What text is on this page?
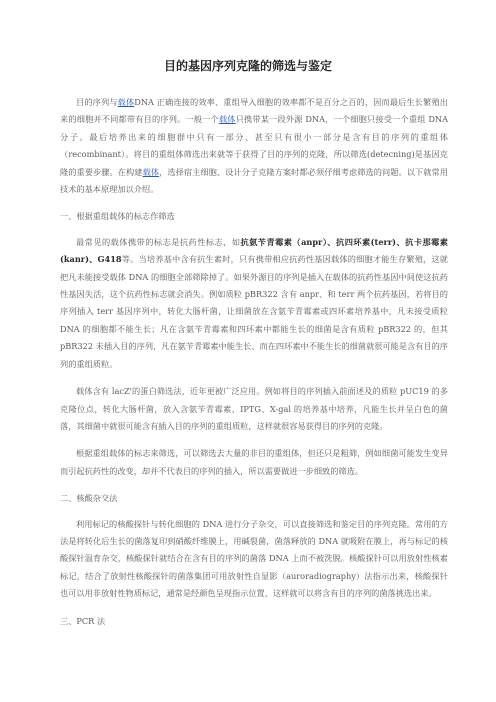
目的基因序列克隆的筛选与鉴定

目的序列与载体DNA 正确连接的效率、重组导入细胞的效率都不是百分之百的，因而最后生长繁殖出来的细胞并不同都带有目的序列。一般一个载体只携带某一段外源 DNA，一个细胞只接受一个重组 DNA 分子。最后培养出来的细胞群中只有一部分、甚至只有很小一部分是含有目的序列的重组体（recombinant）。将目的重组体筛选出来就等于获得了目的序列的克隆，所以筛选(detecning)是基因克隆的重要步骤。在构建载体，选择宿主细胞、设计分子克隆方案时都必须仔细考虑筛选的问题。以下就常用技术的基本原理加以介绍。

一、根据重组载体的标志作筛选

最常见的载体携带的标志是抗药性标志，如抗氨苄青霉素（anpr）、抗四环素(terr)、抗卡那霉素(kanr)、G418等。当培养基中含有抗生素时，只有携带相应抗药性基因载体的细胞才能生存繁殖，这就把凡未能接受载体 DNA 的细胞全部筛除掉了。如果外源目的序列是插入在载体的抗药性基因中间使这抗药性基因失活，这个抗药性标志就会消失。例如质粒 pBR322 含有 anpr、和 terr 两个抗药基因，若将目的序列插入 terr 基因序列中，转化大肠杆菌，让细菌放在含氨苄青霉素或四环素培养基中，凡未接受质粒 DNA 的细胞都不能生长；凡在含氨苄青霉素和四环素中都能生长的细菌是含有质粒 pBR322 的，但其 pBR322 未插入目的序列，凡在氨苄青霉素中能生长、而在四环素中不能生长的细菌就很可能是含有目的序列的重组质粒。

载体含有 lacZ'的蛋白筛选法，近年更被广泛应用。例如将目的序列插入前面述及的质粒 pUC19 的多克隆位点，转化大肠杆菌，放入含氨苄青霉素、IPTG、X-gal 的培养基中培养，凡能生长并呈白色的菌落，其细菌中就很可能含有插入目的序列的重组质粒，这样就很容易获得目的序列的克隆。

根据重组载体的标志来筛选，可以筛选去大量的非目的重组体，但还只是粗筛，例如细菌可能发生变异而引起抗药性的改变，却并不代表目的序列的插入，所以需要做进一步细致的筛选。

二、核酸杂交法

利用标记的核酸探针与转化细胞的 DNA 进行分子杂交，可以直接筛选和鉴定目的序列克隆。常用的方法是将转化后生长的菌落复印到硝酸纤维膜上，用碱裂菌，菌落释放的 DNA 就吸附在膜上，再与标记的核酸探针温育杂交，核酸探针就结合在含有目的序列的菌落 DNA 上而不被洗脱。核酸探针可以用放射性核素标记，结合了放射性核酸探针的菌落集团可用放射性自显影（auroradiography）法指示出来，核酸探针也可以用非放射性物质标记，通常是经颜色呈现指示位置，这样就可以将含有目的序列的菌落挑选出来。

三、PCR 法
